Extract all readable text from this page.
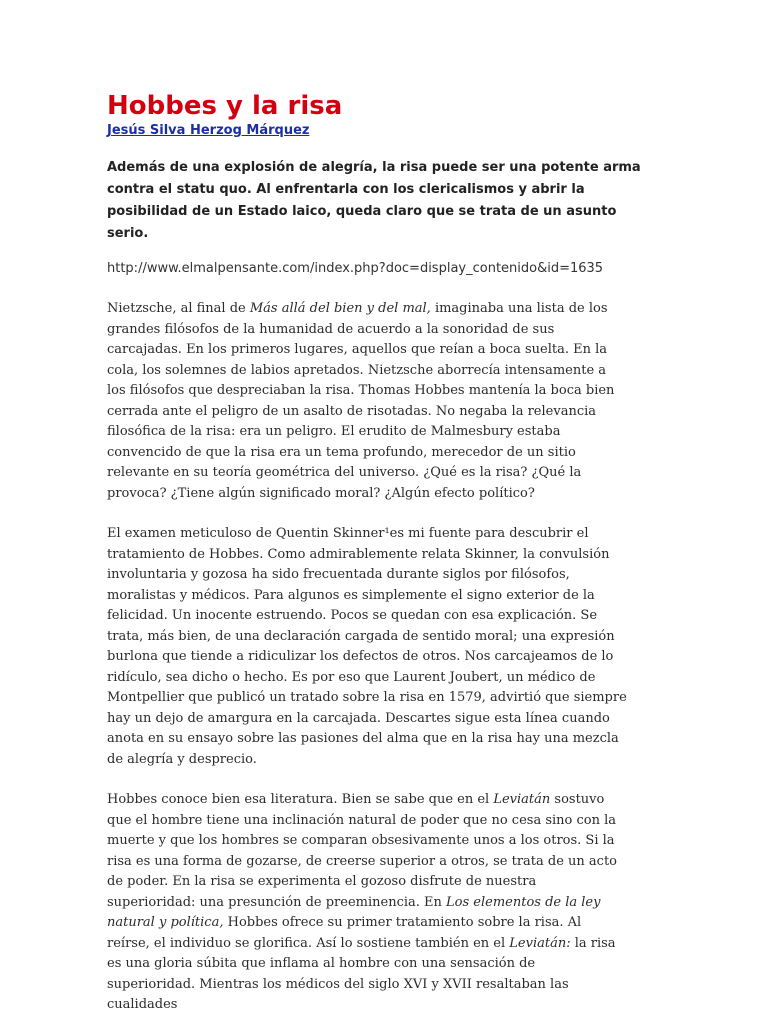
Hobbes y la risa
Jesús Silva Herzog Márquez

Además de una explosión de alegría, la risa puede ser una potente arma contra el statu quo. Al enfrentarla con los clericalismos y abrir la posibilidad de un Estado laico, queda claro que se trata de un asunto serio.

http://www.elmalpensante.com/index.php?doc=display_contenido&id=1635

Nietzsche, al final de Más allá del bien y del mal, imaginaba una lista de los grandes filósofos de la humanidad de acuerdo a la sonoridad de sus carcajadas. En los primeros lugares, aquellos que reían a boca suelta. En la cola, los solemnes de labios apretados. Nietzsche aborrecía intensamente a los filósofos que despreciaban la risa. Thomas Hobbes mantenía la boca bien cerrada ante el peligro de un asalto de risotadas. No negaba la relevancia filosófica de la risa: era un peligro. El erudito de Malmesbury estaba convencido de que la risa era un tema profundo, merecedor de un sitio relevante en su teoría geométrica del universo. ¿Qué es la risa? ¿Qué la provoca? ¿Tiene algún significado moral? ¿Algún efecto político?

El examen meticuloso de Quentin Skinner¹es mi fuente para descubrir el tratamiento de Hobbes. Como admirablemente relata Skinner, la convulsión involuntaria y gozosa ha sido frecuentada durante siglos por filósofos, moralistas y médicos. Para algunos es simplemente el signo exterior de la felicidad. Un inocente estruendo. Pocos se quedan con esa explicación. Se trata, más bien, de una declaración cargada de sentido moral; una expresión burlona que tiende a ridiculizar los defectos de otros. Nos carcajeamos de lo ridículo, sea dicho o hecho. Es por eso que Laurent Joubert, un médico de Montpellier que publicó un tratado sobre la risa en 1579, advirtió que siempre hay un dejo de amargura en la carcajada. Descartes sigue esta línea cuando anota en su ensayo sobre las pasiones del alma que en la risa hay una mezcla de alegría y desprecio.

Hobbes conoce bien esa literatura. Bien se sabe que en el Leviatán sostuvo que el hombre tiene una inclinación natural de poder que no cesa sino con la muerte y que los hombres se comparan obsesivamente unos a los otros. Si la risa es una forma de gozarse, de creerse superior a otros, se trata de un acto de poder. En la risa se experimenta el gozoso disfrute de nuestra superioridad: una presunción de preeminencia. En Los elementos de la ley natural y política, Hobbes ofrece su primer tratamiento sobre la risa. Al reírse, el individuo se glorifica. Así lo sostiene también en el Leviatán: la risa es una gloria súbita que inflama al hombre con una sensación de superioridad. Mientras los médicos del siglo XVI y XVII resaltaban las cualidades
